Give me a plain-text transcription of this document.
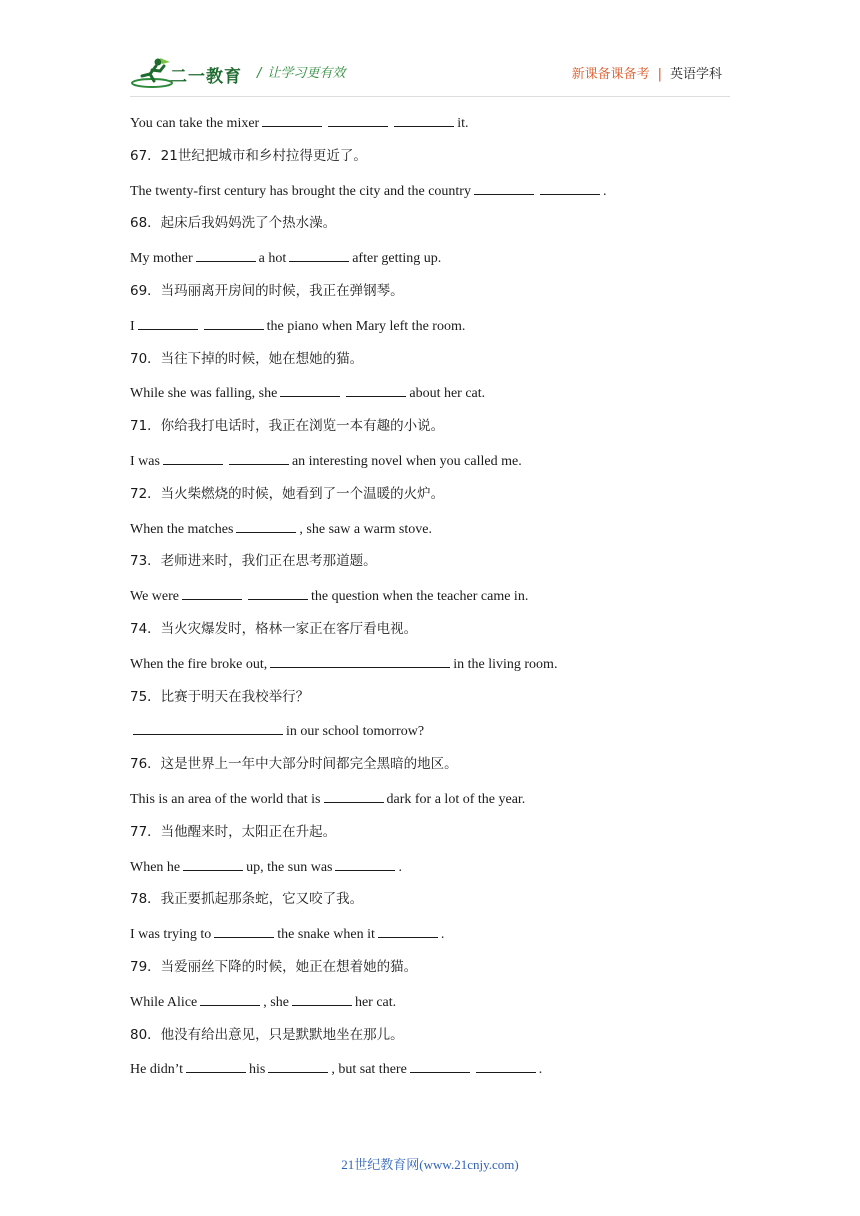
二一教育 / 让学习更有效	新课备课备考 | 英语学科
You can take the mixer	it.
67．21世纪把城市和乡村拉得更近了。
The twenty-first century has brought the city and the country	.
68．起床后我妈妈洗了个热水澡。
My mother	a hot	after getting up.
69．当玛丽离开房间的时候，我正在弹钢琴。
I	the piano when Mary left the room.
70．当往下掉的时候，她在想她的猫。
While she was falling, she	about her cat.
71．你给我打电话时，我正在浏览一本有趣的小说。
I was	an interesting novel when you called me.
72．当火柴燃烧的时候，她看到了一个温暖的火炉。
When the matches	, she saw a warm stove.
73．老师进来时，我们正在思考那道题。
We were	the question when the teacher came in.
74．当火灾爆发时，格林一家正在客厅看电视。
When the fire broke out,	in the living room.
75．比赛于明天在我校举行？
in our school tomorrow?
76．这是世界上一年中大部分时间都完全黑暗的地区。
This is an area of the world that is	dark for a lot of the year.
77．当他醒来时，太阳正在升起。
When he	up, the sun was	.
78．我正要抓起那条蛇，它又咬了我。
I was trying to	the snake when it	.
79．当爱丽丝下降的时候，她正在想着她的猫。
While Alice	, she	her cat.
80．他没有给出意见，只是默默地坐在那儿。
He didn’t	his	, but sat there	.
21世纪教育网(www.21cnjy.com)
